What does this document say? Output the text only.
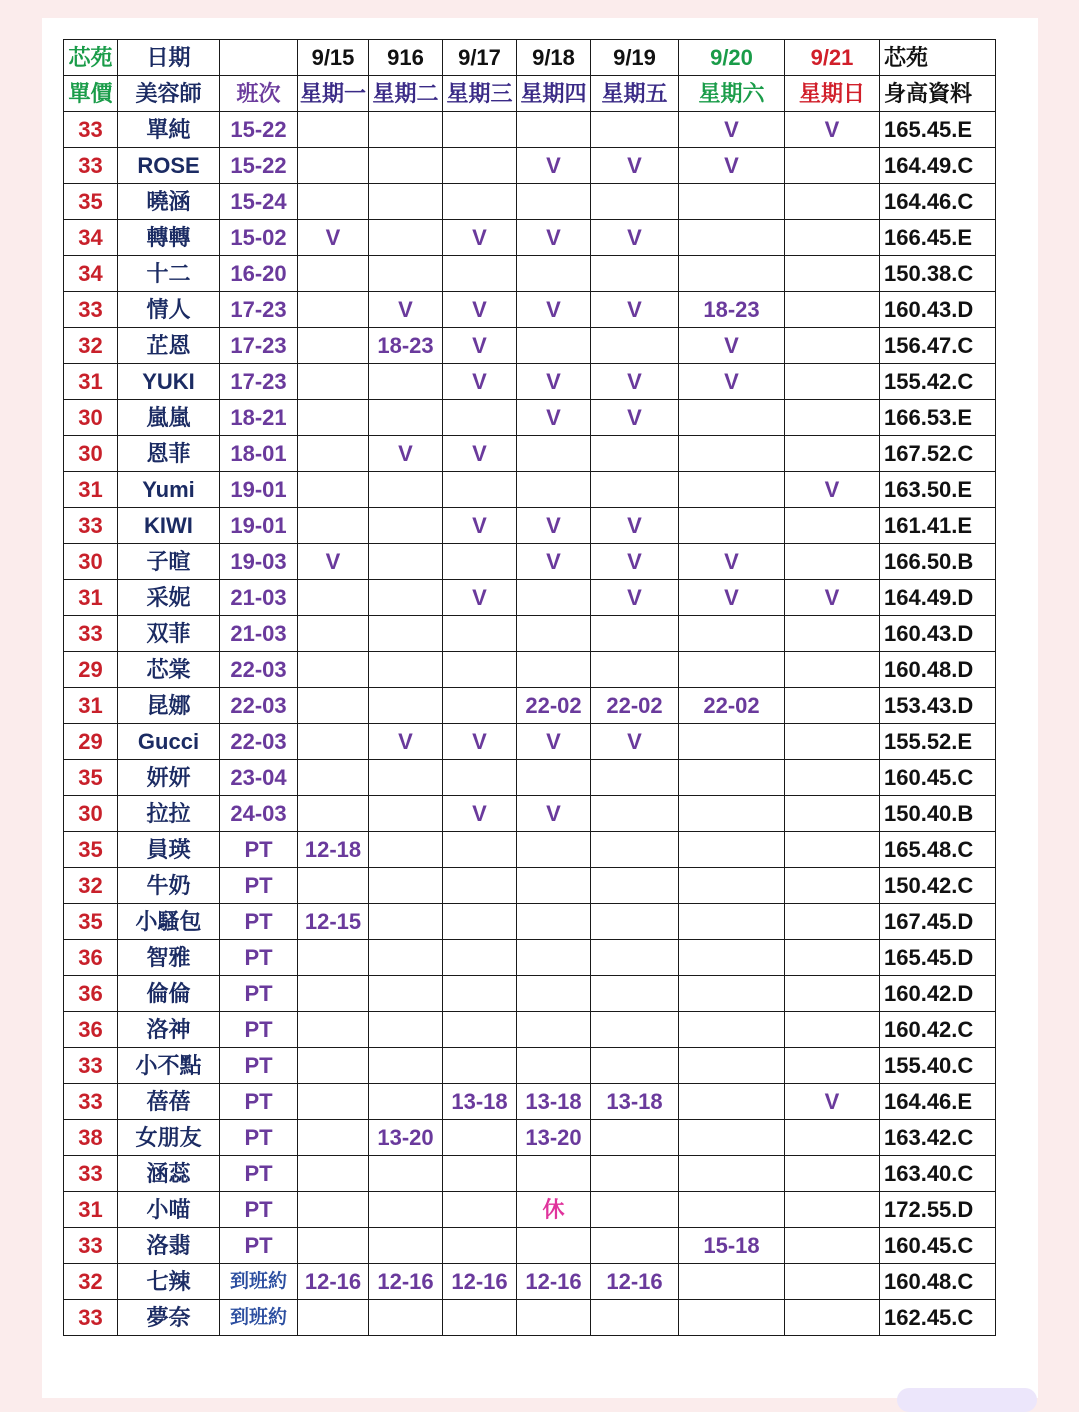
芯苑	日期		9/15	916	9/17	9/18	9/19	9/20	9/21	芯苑
單價	美容師	班次	星期一	星期二	星期三	星期四	星期五	星期六	星期日	身高資料
33	單純	15-22						V	V	165.45.E
33	ROSE	15-22				V	V	V		164.49.C
35	曉涵	15-24								164.46.C
34	轉轉	15-02	V		V	V	V			166.45.E
34	十二	16-20								150.38.C
33	情人	17-23		V	V	V	V	18-23		160.43.D
32	芷恩	17-23		18-23	V			V		156.47.C
31	YUKI	17-23			V	V	V	V		155.42.C
30	嵐嵐	18-21				V	V			166.53.E
30	恩菲	18-01		V	V					167.52.C
31	Yumi	19-01							V	163.50.E
33	KIWI	19-01			V	V	V			161.41.E
30	子暄	19-03	V			V	V	V		166.50.B
31	采妮	21-03			V		V	V	V	164.49.D
33	双菲	21-03								160.43.D
29	芯棠	22-03								160.48.D
31	昆娜	22-03				22-02	22-02	22-02		153.43.D
29	Gucci	22-03		V	V	V	V			155.52.E
35	妍妍	23-04								160.45.C
30	拉拉	24-03			V	V				150.40.B
35	員瑛	PT	12-18							165.48.C
32	牛奶	PT								150.42.C
35	小騷包	PT	12-15							167.45.D
36	智雅	PT								165.45.D
36	倫倫	PT								160.42.D
36	洛神	PT								160.42.C
33	小不點	PT								155.40.C
33	蓓蓓	PT			13-18	13-18	13-18		V	164.46.E
38	女朋友	PT		13-20		13-20				163.42.C
33	涵蕊	PT								163.40.C
31	小喵	PT				休				172.55.D
33	洛翡	PT						15-18		160.45.C
32	七辣	到班約	12-16	12-16	12-16	12-16	12-16			160.48.C
33	夢奈	到班約								162.45.C
